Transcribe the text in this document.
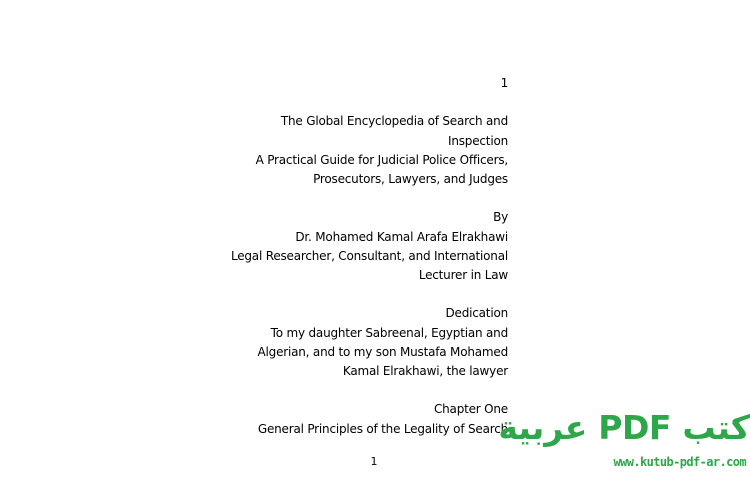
1
The Global Encyclopedia of Search and
Inspection
A Practical Guide for Judicial Police Officers,
Prosecutors, Lawyers, and Judges
By
Dr. Mohamed Kamal Arafa Elrakhawi
Legal Researcher, Consultant, and International
Lecturer in Law
Dedication
To my daughter Sabreenal, Egyptian and
Algerian, and to my son Mustafa Mohamed
Kamal Elrakhawi, the lawyer
Chapter One
General Principles of the Legality of Search
1
كتب PDF عربية
www.kutub-pdf-ar.com
